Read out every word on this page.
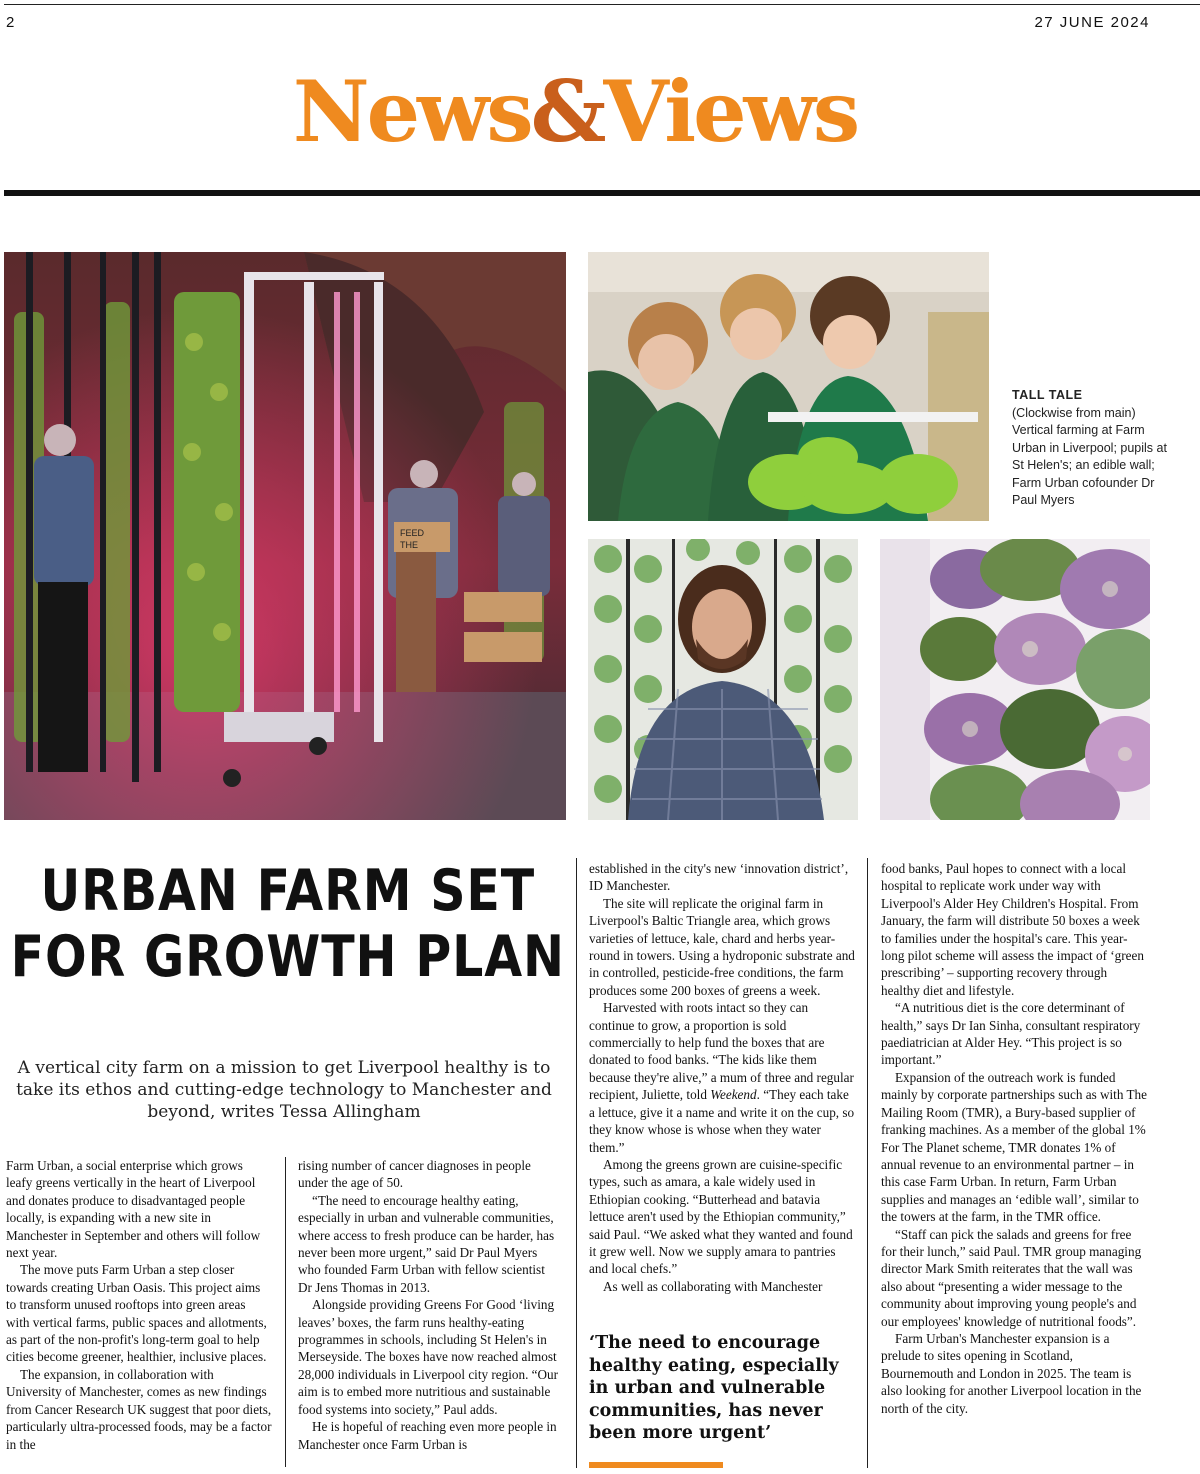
2	27 JUNE 2024
News&Views
FEED
THE
TALL TALE
(Clockwise from main) Vertical farming at Farm Urban in Liverpool; pupils at St Helen's; an edible wall; Farm Urban cofounder Dr Paul Myers
URBAN FARM SET
FOR GROWTH PLAN
A vertical city farm on a mission to get Liverpool healthy is to take its ethos and cutting-edge technology to Manchester and beyond, writes Tessa Allingham

Farm Urban, a social enterprise which grows leafy greens vertically in the heart of Liverpool and donates produce to disadvantaged people locally, is expanding with a new site in Manchester in September and others will follow next year.

The move puts Farm Urban a step closer towards creating Urban Oasis. This project aims to transform unused rooftops into green areas with vertical farms, public spaces and allotments, as part of the non-profit's long-term goal to help cities become greener, healthier, inclusive places.

The expansion, in collaboration with University of Manchester, comes as new findings from Cancer Research UK suggest that poor diets, particularly ultra-processed foods, may be a factor in the

rising number of cancer diagnoses in people under the age of 50.

“The need to encourage healthy eating, especially in urban and vulnerable communities, where access to fresh produce can be harder, has never been more urgent,” said Dr Paul Myers who founded Farm Urban with fellow scientist Dr Jens Thomas in 2013.

Alongside providing Greens For Good ‘living leaves’ boxes, the farm runs healthy-eating programmes in schools, including St Helen's in Merseyside. The boxes have now reached almost 28,000 individuals in Liverpool city region. “Our aim is to embed more nutritious and sustainable food systems into society,” Paul adds.

He is hopeful of reaching even more people in Manchester once Farm Urban is

established in the city's new ‘innovation district’, ID Manchester.

The site will replicate the original farm in Liverpool's Baltic Triangle area, which grows varieties of lettuce, kale, chard and herbs year-round in towers. Using a hydroponic substrate and in controlled, pesticide-free conditions, the farm produces some 200 boxes of greens a week.

Harvested with roots intact so they can continue to grow, a proportion is sold commercially to help fund the boxes that are donated to food banks. “The kids like them because they're alive,” a mum of three and regular recipient, Juliette, told Weekend. “They each take a lettuce, give it a name and write it on the cup, so they know whose is whose when they water them.”

Among the greens grown are cuisine-specific types, such as amara, a kale widely used in Ethiopian cooking. “Butterhead and batavia lettuce aren't used by the Ethiopian community,” said Paul. “We asked what they wanted and found it grew well. Now we supply amara to pantries and local chefs.”

As well as collaborating with Manchester

‘The need to encourage healthy eating, especially in urban and vulnerable communities, has never been more urgent’

food banks, Paul hopes to connect with a local hospital to replicate work under way with Liverpool's Alder Hey Children's Hospital. From January, the farm will distribute 50 boxes a week to families under the hospital's care. This year-long pilot scheme will assess the impact of ‘green prescribing’ – supporting recovery through healthy diet and lifestyle.

“A nutritious diet is the core determinant of health,” says Dr Ian Sinha, consultant respiratory paediatrician at Alder Hey. “This project is so important.”

Expansion of the outreach work is funded mainly by corporate partnerships such as with The Mailing Room (TMR), a Bury-based supplier of franking machines. As a member of the global 1% For The Planet scheme, TMR donates 1% of annual revenue to an environmental partner – in this case Farm Urban. In return, Farm Urban supplies and manages an ‘edible wall’, similar to the towers at the farm, in the TMR office.

“Staff can pick the salads and greens for free for their lunch,” said Paul. TMR group managing director Mark Smith reiterates that the wall was also about “presenting a wider message to the community about improving young people's and our employees' knowledge of nutritional foods”.

Farm Urban's Manchester expansion is a prelude to sites opening in Scotland, Bournemouth and London in 2025. The team is also looking for another Liverpool location in the north of the city.
